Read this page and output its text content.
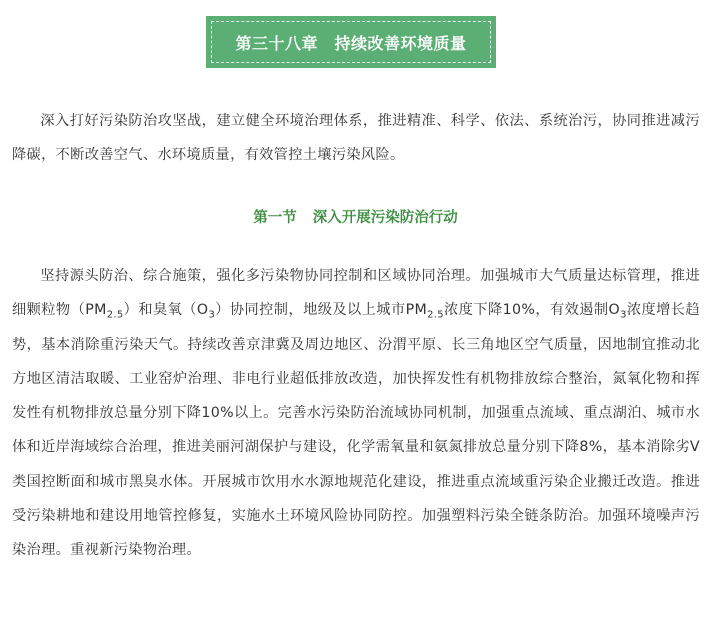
第三十八章　持续改善环境质量

深入打好污染防治攻坚战，建立健全环境治理体系，推进精准、科学、依法、系统治污，协同推进减污降碳，不断改善空气、水环境质量，有效管控土壤污染风险。

第一节 深入开展污染防治行动

坚持源头防治、综合施策，强化多污染物协同控制和区域协同治理。加强城市大气质量达标管理，推进细颗粒物$(PM_{2.5})$和臭氧$(O_3)$协同控制，地级及以上城市$PM_{2.5}$浓度下降10%，有效遏制$O_3$浓度增长趋势，基本消除重污染天气。持续改善京津冀及周边地区、汾渭平原、长三角地区空气质量，因地制宜推动北方地区清洁取暖、工业窑炉治理、非电行业超低排放改造，加快挥发性有机物排放综合整治，氮氧化物和挥发性有机物排放总量分别下降10%以上。完善水污染防治流域协同机制，加强重点流域、重点湖泊、城市水体和近岸海域综合治理，推进美丽河湖保护与建设，化学需氧量和氨氮排放总量分别下降8%，基本消除劣Ⅴ类国控断面和城市黑臭水体。开展城市饮用水水源地规范化建设，推进重点流域重污染企业搬迁改造。推进受污染耕地和建设用地管控修复，实施水土环境风险协同防控。加强塑料污染全链条防治。加强环境噪声污染治理。重视新污染物治理。
